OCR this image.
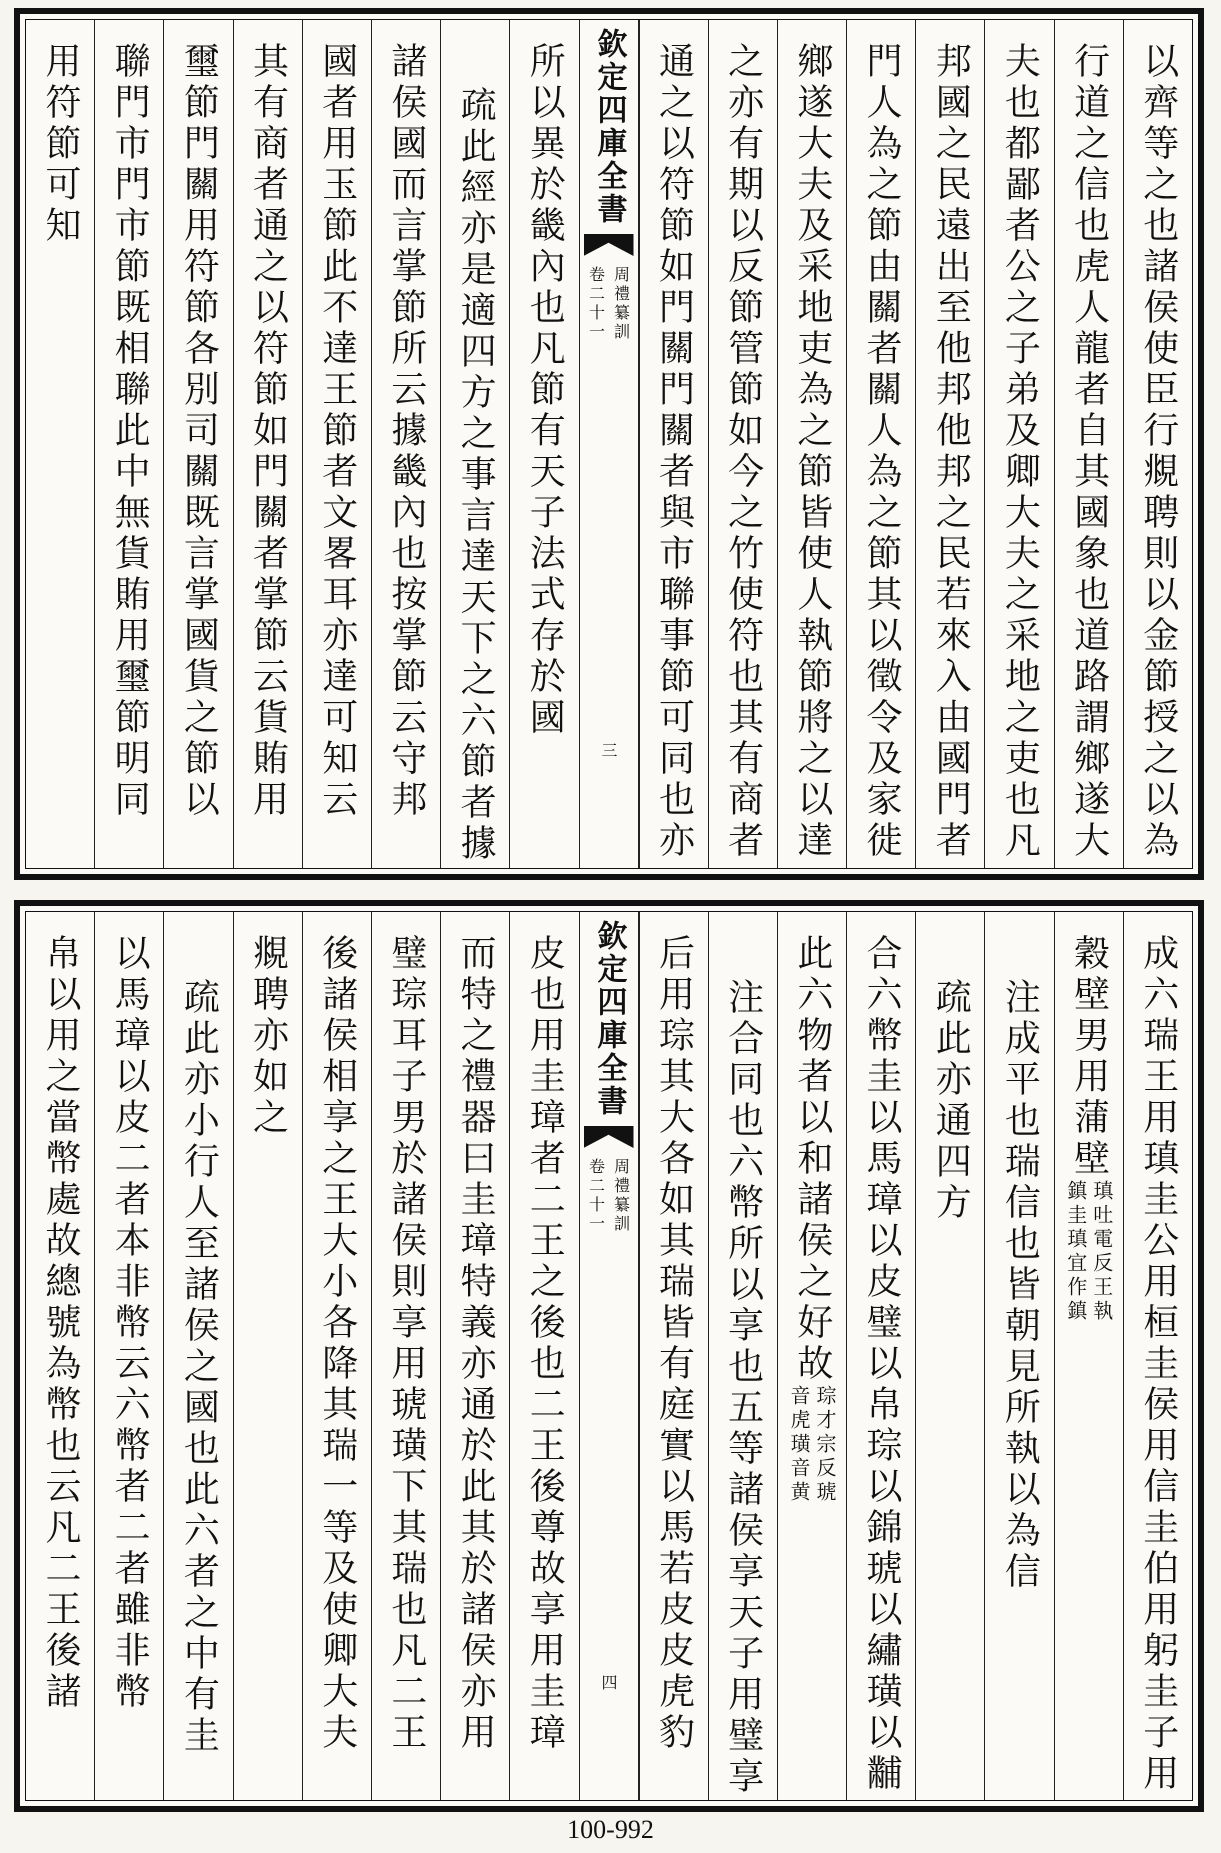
以齊等之也諸侯使臣行覜聘則以金節授之以為
行道之信也虎人龍者自其國象也道路謂鄉遂大
夫也都鄙者公之子弟及卿大夫之采地之吏也凡
邦國之民遠出至他邦他邦之民若來入由國門者
門人為之節由關者關人為之節其以徵令及家徙
鄉遂大夫及采地吏為之節皆使人執節將之以達
之亦有期以反節管節如今之竹使符也其有商者
通之以符節如門關門關者與市聯事節可同也亦
欽定四庫全書
周禮纂訓
卷二十一
三
所以異於畿內也凡節有天子法式存於國
疏此經亦是適四方之事言達天下之六節者據
諸侯國而言掌節所云據畿內也按掌節云守邦
國者用玉節此不達王節者文畧耳亦達可知云
其有商者通之以符節如門關者掌節云貨賄用
璽節門關用符節各別司關既言掌國貨之節以
聯門市門市節既相聯此中無貨賄用璽節明同
用符節可知
成六瑞王用瑱圭公用桓圭侯用信圭伯用躬圭子用
穀壁男用蒲壁
瑱吐電反王執
鎮圭瑱宜作鎮
注成平也瑞信也皆朝見所執以為信
疏此亦通四方
合六幣圭以馬璋以皮璧以帛琮以錦琥以繡璜以黼
此六物者以和諸侯之好故
琮才宗反琥
音虎璜音黄
注合同也六幣所以享也五等諸侯享天子用璧享
后用琮其大各如其瑞皆有庭實以馬若皮皮虎豹
欽定四庫全書
周禮纂訓
卷二十一
四
皮也用圭璋者二王之後也二王後尊故享用圭璋
而特之禮器曰圭璋特義亦通於此其於諸侯亦用
璧琮耳子男於諸侯則享用琥璜下其瑞也凡二王
後諸侯相享之王大小各降其瑞一等及使卿大夫
覜聘亦如之
疏此亦小行人至諸侯之國也此六者之中有圭
以馬璋以皮二者本非幣云六幣者二者雖非幣
帛以用之當幣處故總號為幣也云凡二王後諸
100-992
